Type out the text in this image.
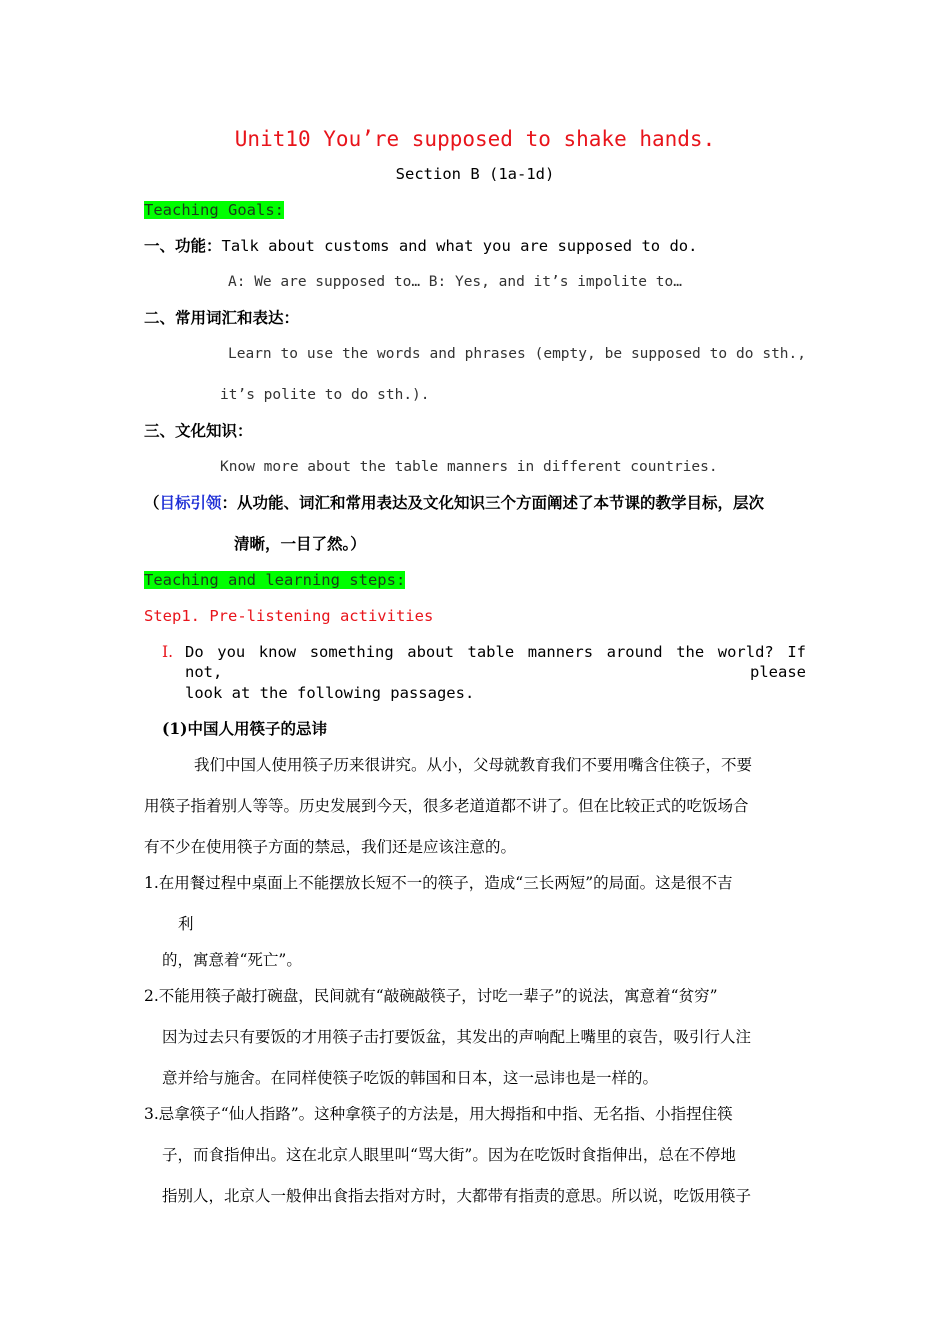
Unit10 You’re supposed to shake hands.
Section B (1a-1d)
Teaching Goals:
一、功能：Talk about customs and what you are supposed to do.
A: We are supposed to… B: Yes, and it’s impolite to…
二、常用词汇和表达：
Learn to use the words and phrases (empty, be supposed to do sth.,
it’s polite to do sth.).
三、文化知识：
Know more about the table manners in different countries.
（目标引领：从功能、词汇和常用表达及文化知识三个方面阐述了本节课的教学目标，层次
清晰，一目了然。）
Teaching and learning steps:
Step1. Pre-listening activities
I. Do you know something about table manners around the world? If not, please
look at the following passages.
(1)中国人用筷子的忌讳
我们中国人使用筷子历来很讲究。从小，父母就教育我们不要用嘴含住筷子，不要
用筷子指着别人等等。历史发展到今天，很多老道道都不讲了。但在比较正式的吃饭场合
有不少在使用筷子方面的禁忌，我们还是应该注意的。
1.在用餐过程中桌面上不能摆放长短不一的筷子，造成“三长两短”的局面。这是很不吉
利
的，寓意着“死亡”。
2.不能用筷子敲打碗盘，民间就有“敲碗敲筷子，讨吃一辈子”的说法，寓意着“贫穷”
因为过去只有要饭的才用筷子击打要饭盆，其发出的声响配上嘴里的哀告，吸引行人注
意并给与施舍。在同样使筷子吃饭的韩国和日本，这一忌讳也是一样的。
3.忌拿筷子“仙人指路”。这种拿筷子的方法是，用大拇指和中指、无名指、小指捏住筷
子，而食指伸出。这在北京人眼里叫“骂大街”。因为在吃饭时食指伸出，总在不停地
指别人，北京人一般伸出食指去指对方时，大都带有指责的意思。所以说，吃饭用筷子
